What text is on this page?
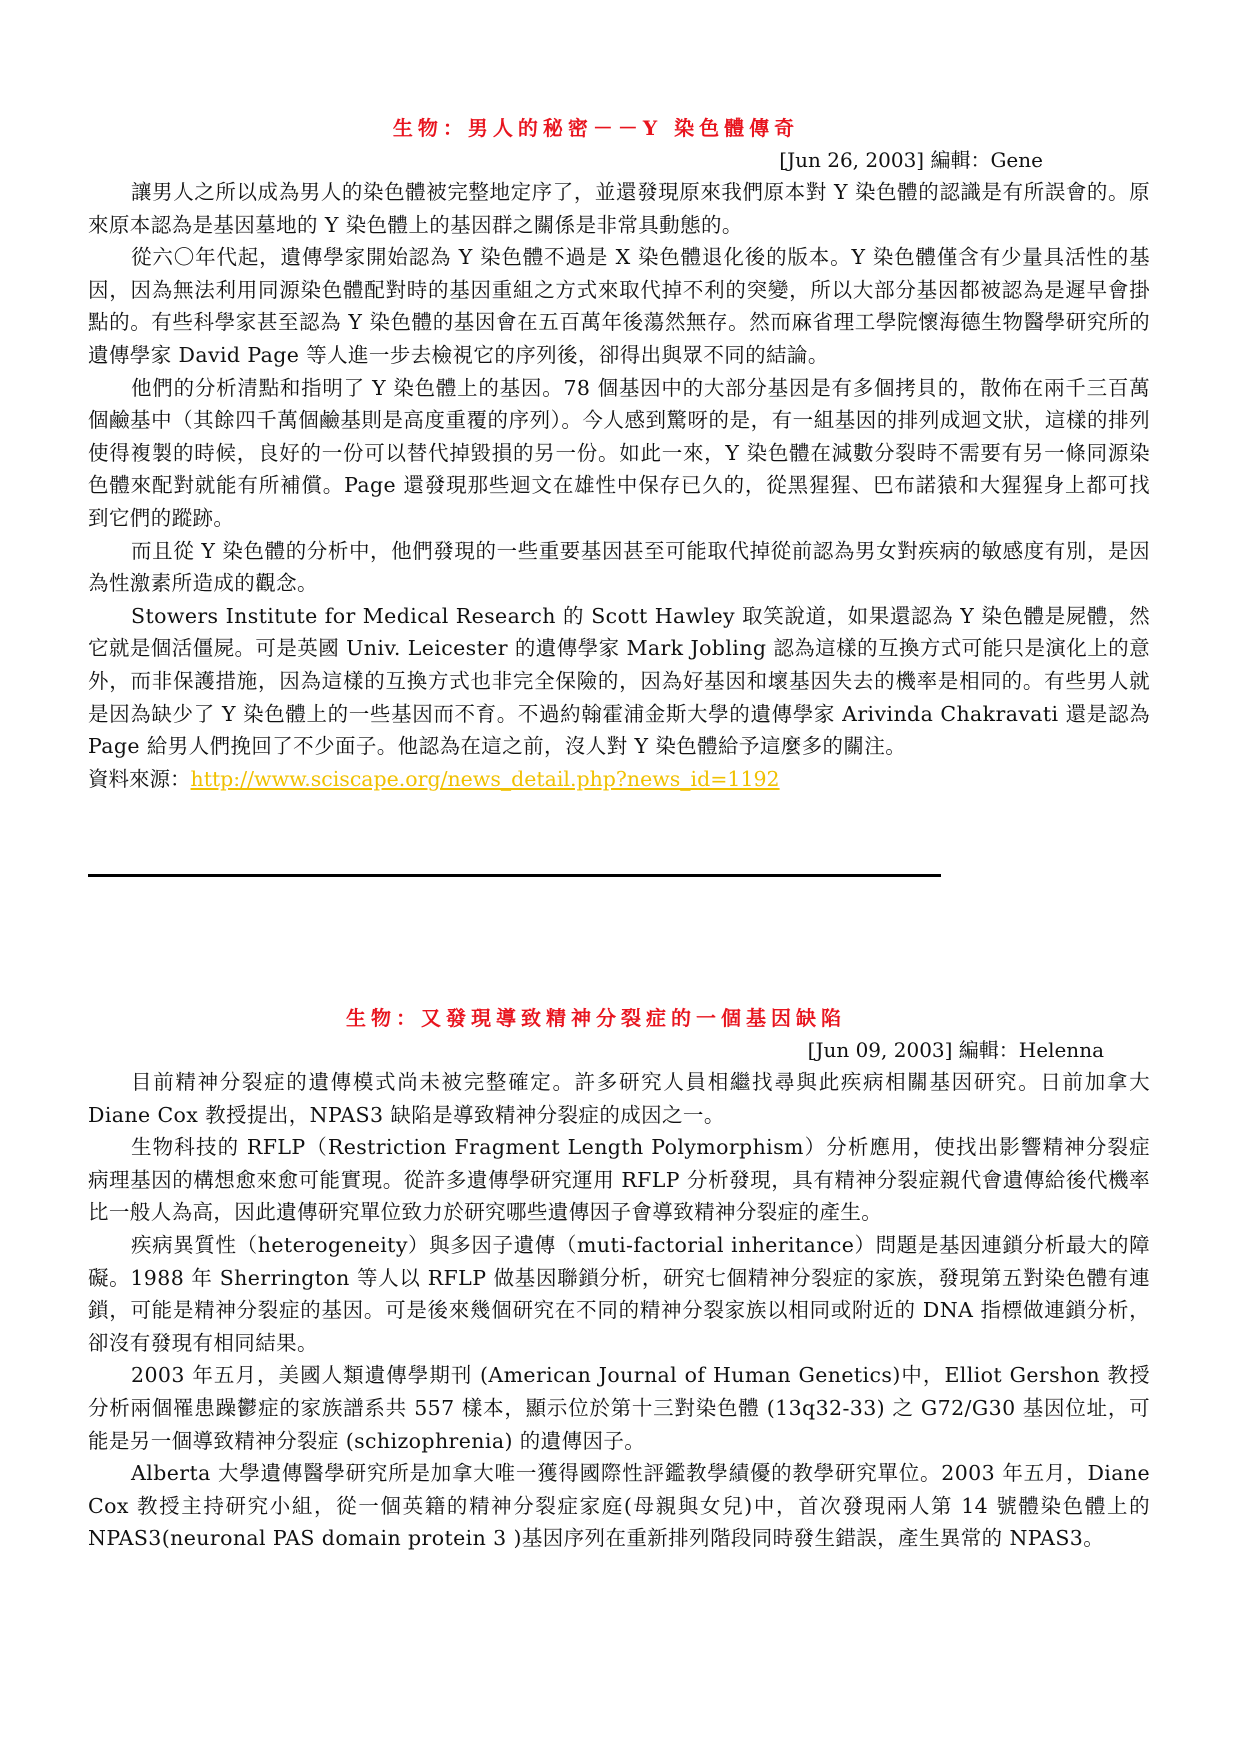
生物：男人的秘密－－Y 染色體傳奇
[Jun 26, 2003] 編輯：Gene

讓男人之所以成為男人的染色體被完整地定序了，並還發現原來我們原本對 Y 染色體的認識是有所誤會的。原來原本認為是基因墓地的 Y 染色體上的基因群之關係是非常具動態的。

從六〇年代起，遺傳學家開始認為 Y 染色體不過是 X 染色體退化後的版本。Y 染色體僅含有少量具活性的基因，因為無法利用同源染色體配對時的基因重組之方式來取代掉不利的突變，所以大部分基因都被認為是遲早會掛點的。有些科學家甚至認為 Y 染色體的基因會在五百萬年後蕩然無存。然而麻省理工學院懷海德生物醫學研究所的遺傳學家 David Page 等人進一步去檢視它的序列後，卻得出與眾不同的結論。

他們的分析清點和指明了 Y 染色體上的基因。78 個基因中的大部分基因是有多個拷貝的，散佈在兩千三百萬個鹼基中（其餘四千萬個鹼基則是高度重覆的序列）。今人感到驚呀的是，有一組基因的排列成迴文狀，這樣的排列使得複製的時候，良好的一份可以替代掉毀損的另一份。如此一來，Y 染色體在減數分裂時不需要有另一條同源染色體來配對就能有所補償。Page 還發現那些迴文在雄性中保存已久的，從黑猩猩、巴布諾猿和大猩猩身上都可找到它們的蹤跡。

而且從 Y 染色體的分析中，他們發現的一些重要基因甚至可能取代掉從前認為男女對疾病的敏感度有別，是因為性激素所造成的觀念。

Stowers Institute for Medical Research 的 Scott Hawley 取笑說道，如果還認為 Y 染色體是屍體，然它就是個活僵屍。可是英國 Univ. Leicester 的遺傳學家 Mark Jobling 認為這樣的互換方式可能只是演化上的意外，而非保護措施，因為這樣的互換方式也非完全保險的，因為好基因和壞基因失去的機率是相同的。有些男人就是因為缺少了 Y 染色體上的一些基因而不育。不過約翰霍浦金斯大學的遺傳學家 Arivinda Chakravati 還是認為 Page 給男人們挽回了不少面子。他認為在這之前，沒人對 Y 染色體給予這麼多的關注。

資料來源：http://www.sciscape.org/news_detail.php?news_id=1192

生物：又發現導致精神分裂症的一個基因缺陷
[Jun 09, 2003] 編輯：Helenna

目前精神分裂症的遺傳模式尚未被完整確定。許多研究人員相繼找尋與此疾病相關基因研究。日前加拿大 Diane Cox 教授提出，NPAS3 缺陷是導致精神分裂症的成因之一。

生物科技的 RFLP（Restriction Fragment Length Polymorphism）分析應用，使找出影響精神分裂症病理基因的構想愈來愈可能實現。從許多遺傳學研究運用 RFLP 分析發現，具有精神分裂症親代會遺傳給後代機率比一般人為高，因此遺傳研究單位致力於研究哪些遺傳因子會導致精神分裂症的產生。

疾病異質性（heterogeneity）與多因子遺傳（muti-factorial inheritance）問題是基因連鎖分析最大的障礙。1988 年 Sherrington 等人以 RFLP 做基因聯鎖分析，研究七個精神分裂症的家族，發現第五對染色體有連鎖，可能是精神分裂症的基因。可是後來幾個研究在不同的精神分裂家族以相同或附近的 DNA 指標做連鎖分析，卻沒有發現有相同結果。

2003 年五月，美國人類遺傳學期刊 (American Journal of Human Genetics)中，Elliot Gershon 教授分析兩個罹患躁鬱症的家族譜系共 557 樣本，顯示位於第十三對染色體 (13q32-33) 之 G72/G30 基因位址，可能是另一個導致精神分裂症 (schizophrenia) 的遺傳因子。

Alberta 大學遺傳醫學研究所是加拿大唯一獲得國際性評鑑教學績優的教學研究單位。2003 年五月，Diane Cox 教授主持研究小組，從一個英籍的精神分裂症家庭(母親與女兒)中，首次發現兩人第 14 號體染色體上的 NPAS3(neuronal PAS domain protein 3 )基因序列在重新排列階段同時發生錯誤，產生異常的 NPAS3。
